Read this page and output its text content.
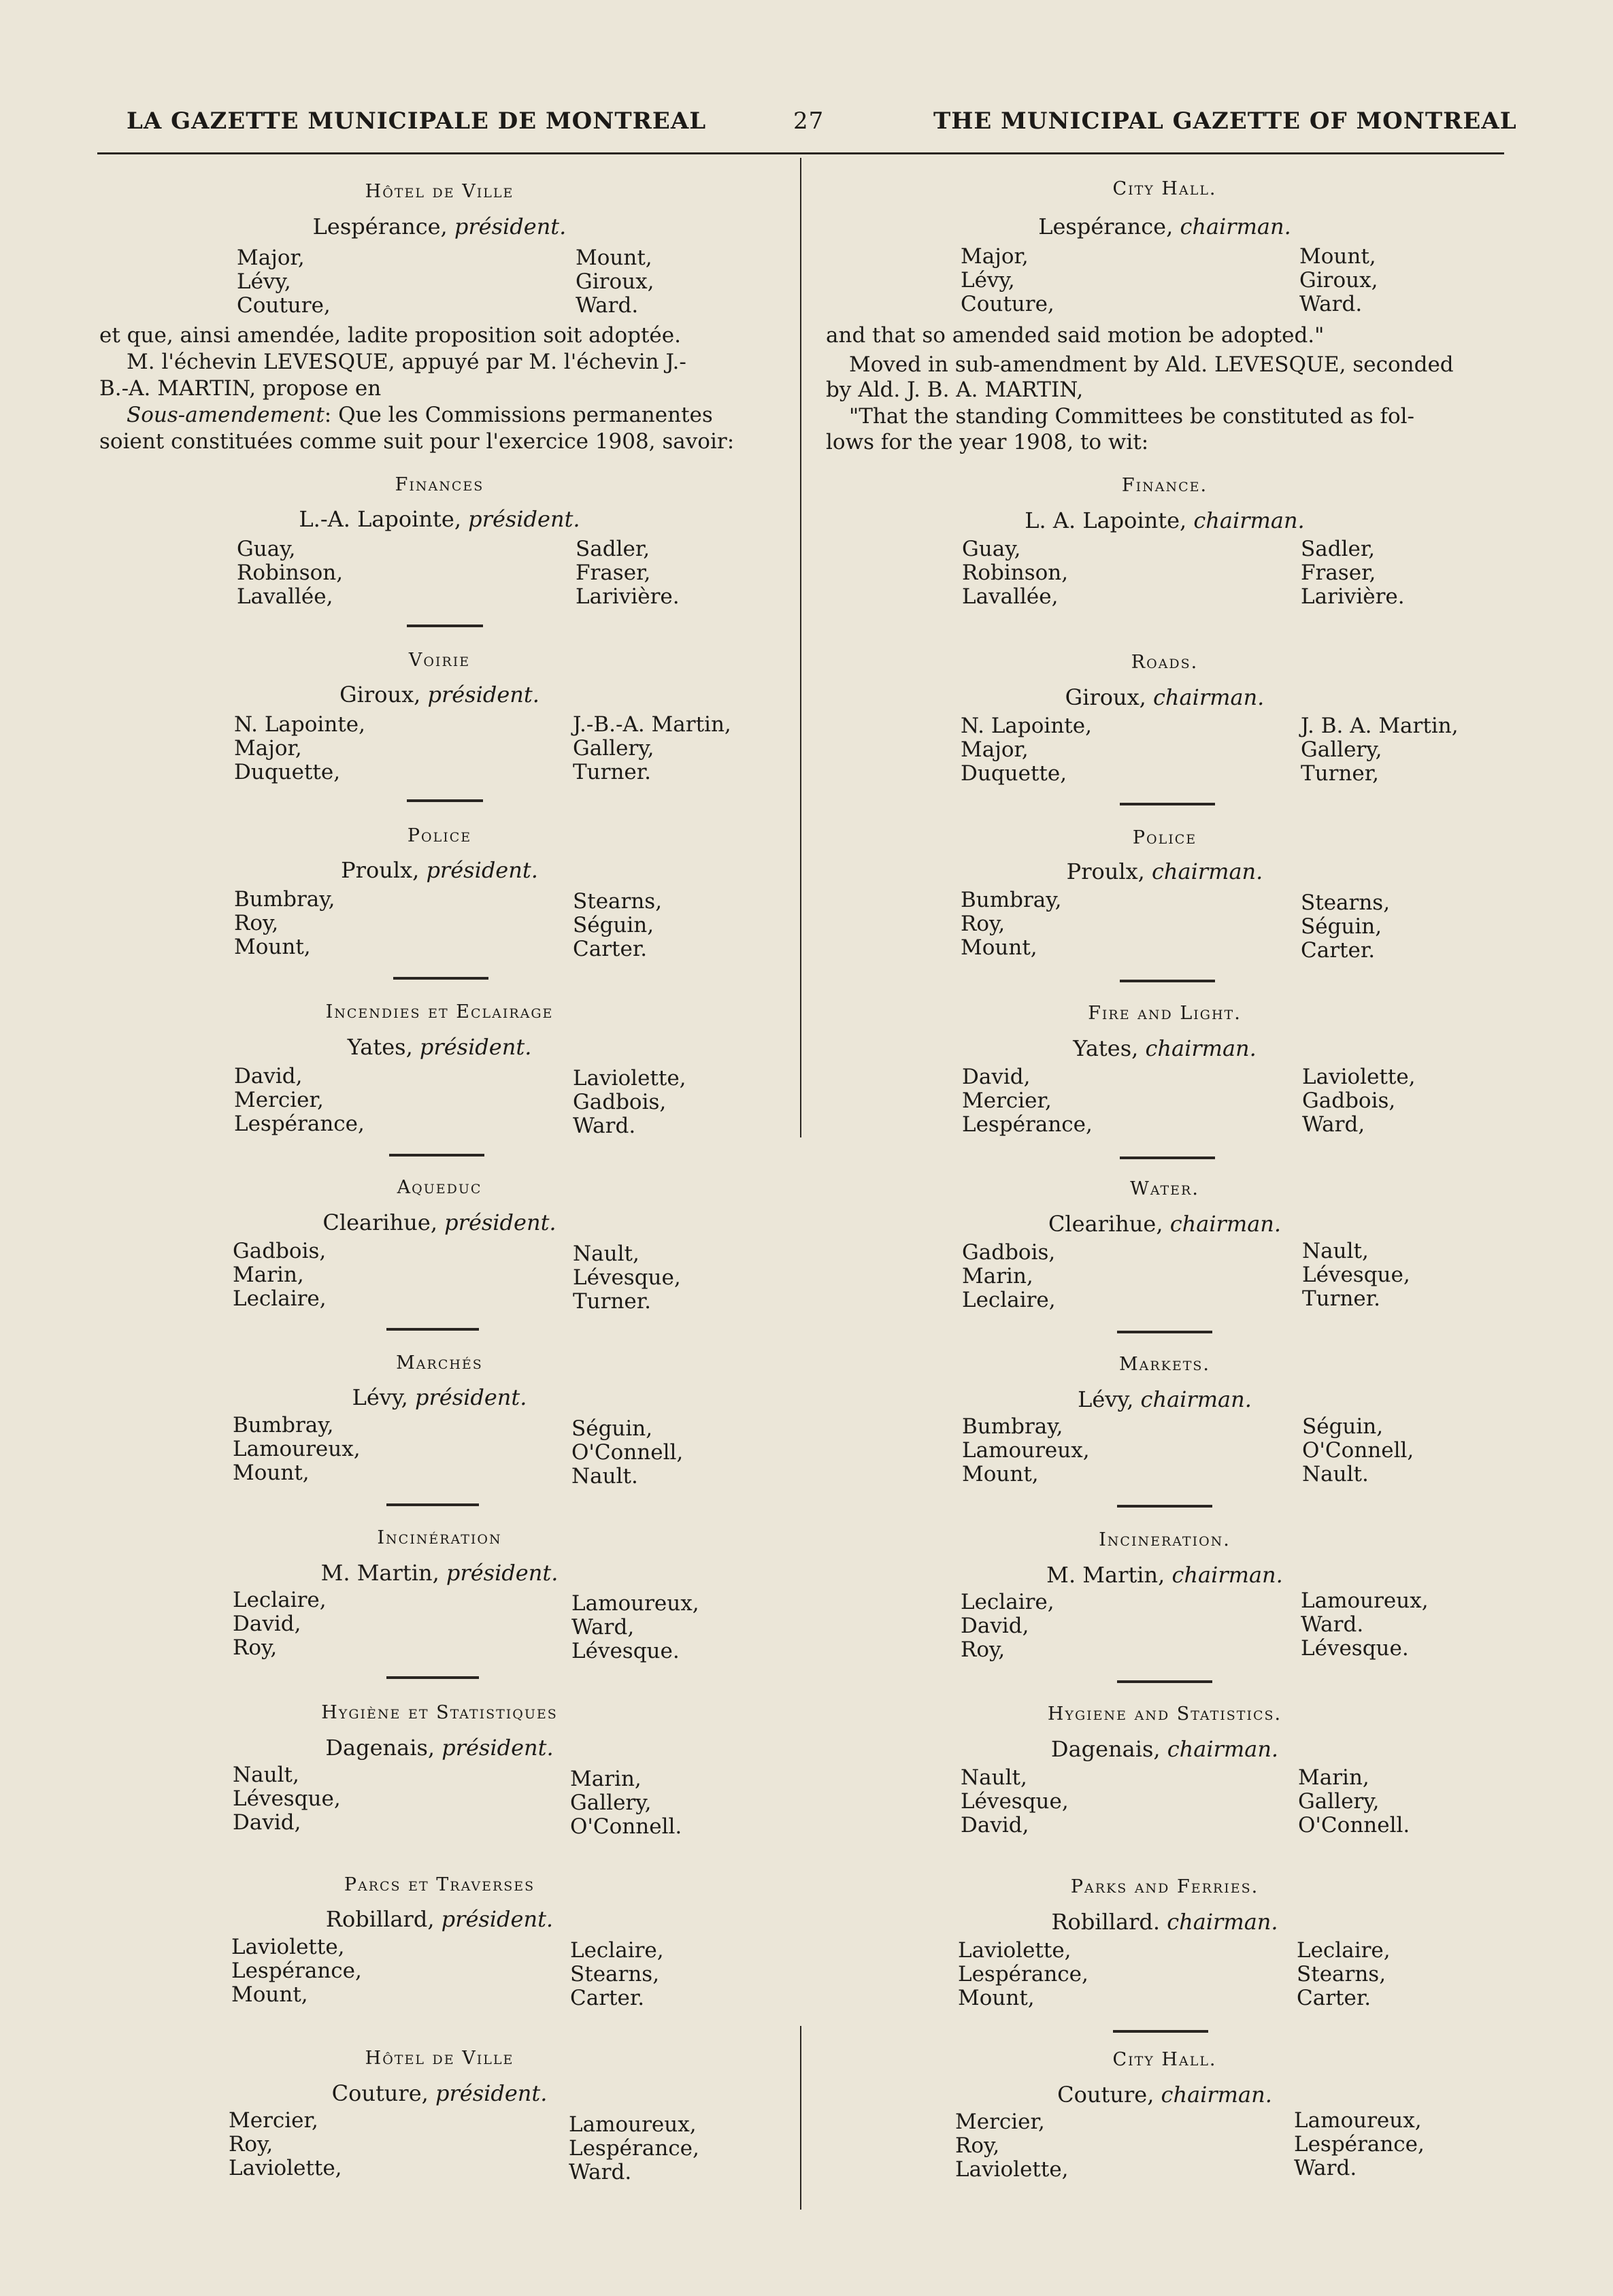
LA GAZETTE MUNICIPALE DE MONTREAL	27	THE MUNICIPAL GAZETTE OF MONTREAL
Hôtel de Ville
Lespérance, président.
Major,
Lévy,
Couture,
Mount,
Giroux,
Ward.
et que, ainsi amendée, ladite proposition soit adoptée.
M. l'échevin LEVESQUE, appuyé par M. l'échevin J.-
B.-A. MARTIN, propose en
Sous-amendement: Que les Commissions permanentes
soient constituées comme suit pour l'exercice 1908, savoir:
Finances
L.-A. Lapointe, président.
Guay,
Robinson,
Lavallée,
Sadler,
Fraser,
Larivière.
Voirie
Giroux, président.
N. Lapointe,
Major,
Duquette,
J.-B.-A. Martin,
Gallery,
Turner.
Police
Proulx, président.
Bumbray,
Roy,
Mount,
Stearns,
Séguin,
Carter.
Incendies et Eclairage
Yates, président.
David,
Mercier,
Lespérance,
Laviolette,
Gadbois,
Ward.
Aqueduc
Clearihue, président.
Gadbois,
Marin,
Leclaire,
Nault,
Lévesque,
Turner.
Marchés
Lévy, président.
Bumbray,
Lamoureux,
Mount,
Séguin,
O'Connell,
Nault.
Incinération
M. Martin, président.
Leclaire,
David,
Roy,
Lamoureux,
Ward,
Lévesque.
Hygiène et Statistiques
Dagenais, président.
Nault,
Lévesque,
David,
Marin,
Gallery,
O'Connell.
Parcs et Traverses
Robillard, président.
Laviolette,
Lespérance,
Mount,
Leclaire,
Stearns,
Carter.
Hôtel de Ville
Couture, président.
Mercier,
Roy,
Laviolette,
Lamoureux,
Lespérance,
Ward.
City Hall.
Lespérance, chairman.
Major,
Lévy,
Couture,
Mount,
Giroux,
Ward.
and that so amended said motion be adopted."
Moved in sub-amendment by Ald. LEVESQUE, seconded
by Ald. J. B. A. MARTIN,
"That the standing Committees be constituted as fol-
lows for the year 1908, to wit:
Finance.
L. A. Lapointe, chairman.
Guay,
Robinson,
Lavallée,
Sadler,
Fraser,
Larivière.
Roads.
Giroux, chairman.
N. Lapointe,
Major,
Duquette,
J. B. A. Martin,
Gallery,
Turner,
Police
Proulx, chairman.
Bumbray,
Roy,
Mount,
Stearns,
Séguin,
Carter.
Fire and Light.
Yates, chairman.
David,
Mercier,
Lespérance,
Laviolette,
Gadbois,
Ward,
Water.
Clearihue, chairman.
Gadbois,
Marin,
Leclaire,
Nault,
Lévesque,
Turner.
Markets.
Lévy, chairman.
Bumbray,
Lamoureux,
Mount,
Séguin,
O'Connell,
Nault.
Incineration.
M. Martin, chairman.
Leclaire,
David,
Roy,
Lamoureux,
Ward.
Lévesque.
Hygiene and Statistics.
Dagenais, chairman.
Nault,
Lévesque,
David,
Marin,
Gallery,
O'Connell.
Parks and Ferries.
Robillard. chairman.
Laviolette,
Lespérance,
Mount,
Leclaire,
Stearns,
Carter.
City Hall.
Couture, chairman.
Mercier,
Roy,
Laviolette,
Lamoureux,
Lespérance,
Ward.
